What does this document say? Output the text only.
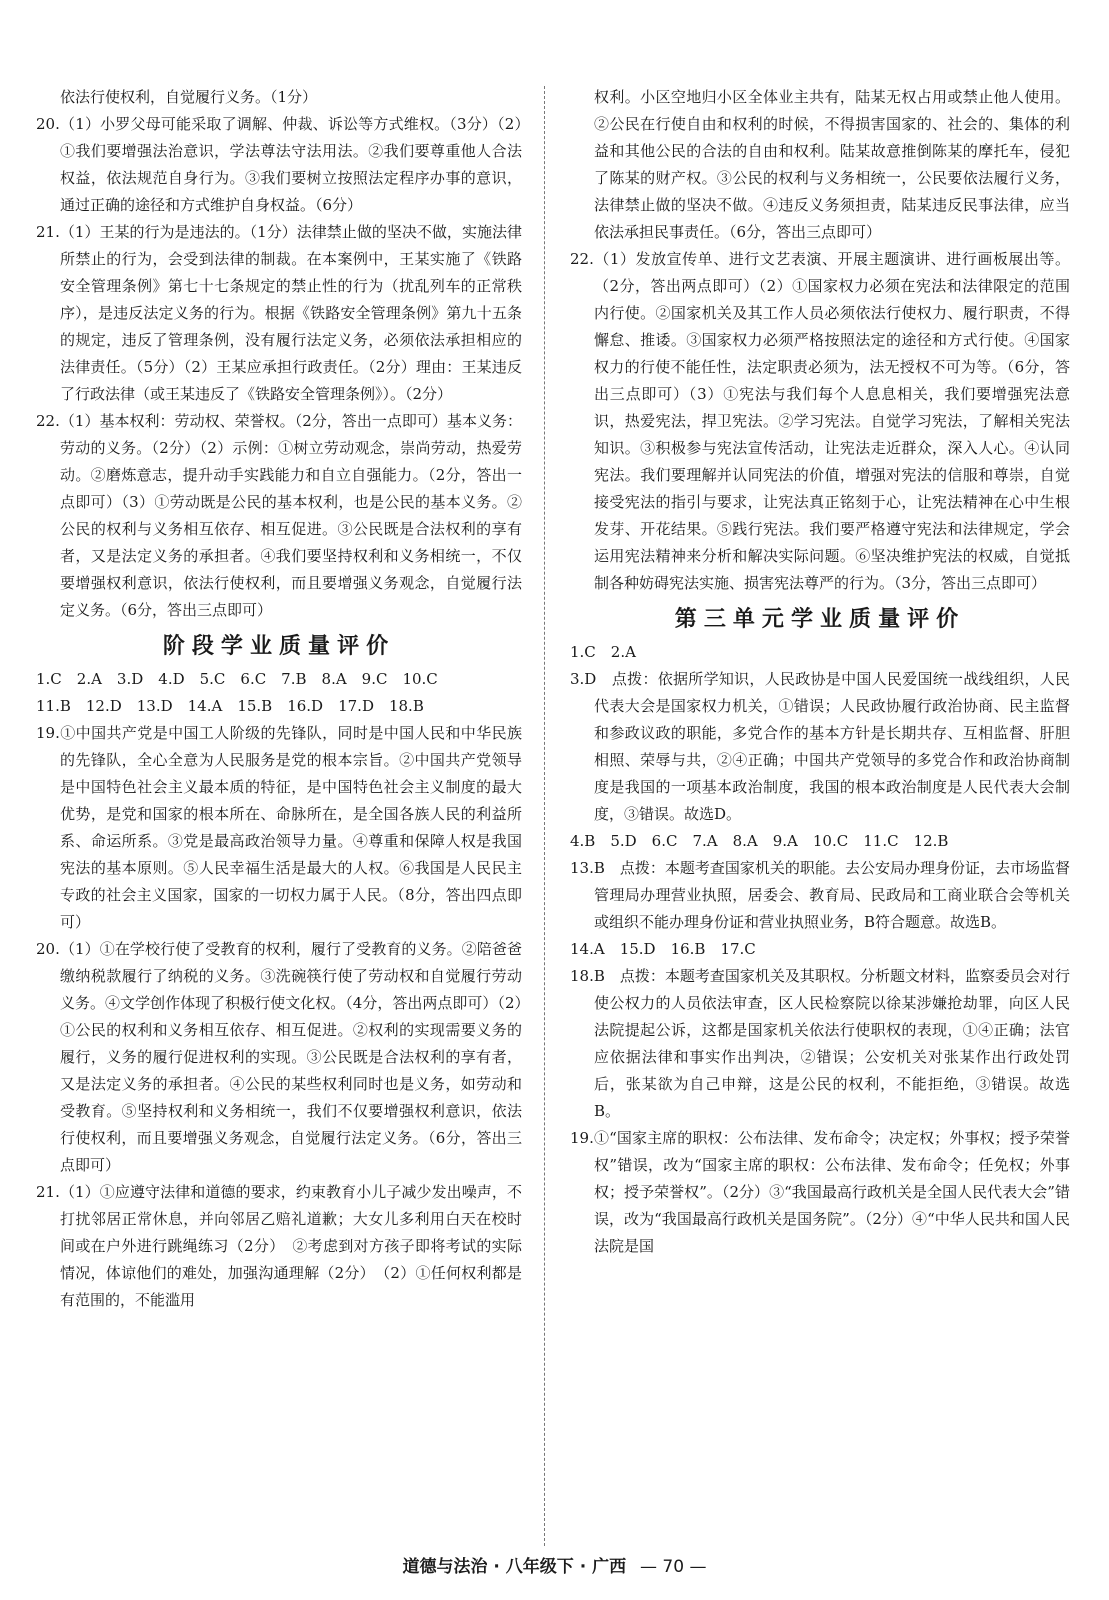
依法行使权利，自觉履行义务。（1分）

20.（1）小罗父母可能采取了调解、仲裁、诉讼等方式维权。（3分）（2）①我们要增强法治意识，学法尊法守法用法。②我们要尊重他人合法权益，依法规范自身行为。③我们要树立按照法定程序办事的意识，通过正确的途径和方式维护自身权益。（6分）

21.（1）王某的行为是违法的。（1分）法律禁止做的坚决不做，实施法律所禁止的行为，会受到法律的制裁。在本案例中，王某实施了《铁路安全管理条例》第七十七条规定的禁止性的行为（扰乱列车的正常秩序），是违反法定义务的行为。根据《铁路安全管理条例》第九十五条的规定，违反了管理条例，没有履行法定义务，必须依法承担相应的法律责任。（5分）（2）王某应承担行政责任。（2分）理由：王某违反了行政法律（或王某违反了《铁路安全管理条例》）。（2分）

22.（1）基本权利：劳动权、荣誉权。（2分，答出一点即可）基本义务：劳动的义务。（2分）（2）示例：①树立劳动观念，崇尚劳动，热爱劳动。②磨炼意志，提升动手实践能力和自立自强能力。（2分，答出一点即可）（3）①劳动既是公民的基本权利，也是公民的基本义务。②公民的权利与义务相互依存、相互促进。③公民既是合法权利的享有者，又是法定义务的承担者。④我们要坚持权利和义务相统一，不仅要增强权利意识，依法行使权利，而且要增强义务观念，自觉履行法定义务。（6分，答出三点即可）

阶段学业质量评价

1.C　2.A　3.D　4.D　5.C　6.C　7.B　8.A　9.C　10.C

11.B　12.D　13.D　14.A　15.B　16.D　17.D　18.B

19.①中国共产党是中国工人阶级的先锋队，同时是中国人民和中华民族的先锋队，全心全意为人民服务是党的根本宗旨。②中国共产党领导是中国特色社会主义最本质的特征，是中国特色社会主义制度的最大优势，是党和国家的根本所在、命脉所在，是全国各族人民的利益所系、命运所系。③党是最高政治领导力量。④尊重和保障人权是我国宪法的基本原则。⑤人民幸福生活是最大的人权。⑥我国是人民民主专政的社会主义国家，国家的一切权力属于人民。（8分，答出四点即可）

20.（1）①在学校行使了受教育的权利，履行了受教育的义务。②陪爸爸缴纳税款履行了纳税的义务。③洗碗筷行使了劳动权和自觉履行劳动义务。④文学创作体现了积极行使文化权。（4分，答出两点即可）（2）①公民的权利和义务相互依存、相互促进。②权利的实现需要义务的履行，义务的履行促进权利的实现。③公民既是合法权利的享有者，又是法定义务的承担者。④公民的某些权利同时也是义务，如劳动和受教育。⑤坚持权利和义务相统一，我们不仅要增强权利意识，依法行使权利，而且要增强义务观念，自觉履行法定义务。（6分，答出三点即可）

21.（1）①应遵守法律和道德的要求，约束教育小儿子减少发出噪声，不打扰邻居正常休息，并向邻居乙赔礼道歉；大女儿多利用白天在校时间或在户外进行跳绳练习（2分）　②考虑到对方孩子即将考试的实际情况，体谅他们的难处，加强沟通理解（2分）　（2）①任何权利都是有范围的，不能滥用

权利。小区空地归小区全体业主共有，陆某无权占用或禁止他人使用。②公民在行使自由和权利的时候，不得损害国家的、社会的、集体的利益和其他公民的合法的自由和权利。陆某故意推倒陈某的摩托车，侵犯了陈某的财产权。③公民的权利与义务相统一，公民要依法履行义务，法律禁止做的坚决不做。④违反义务须担责，陆某违反民事法律，应当依法承担民事责任。（6分，答出三点即可）

22.（1）发放宣传单、进行文艺表演、开展主题演讲、进行画板展出等。（2分，答出两点即可）（2）①国家权力必须在宪法和法律限定的范围内行使。②国家机关及其工作人员必须依法行使权力、履行职责，不得懈怠、推诿。③国家权力必须严格按照法定的途径和方式行使。④国家权力的行使不能任性，法定职责必须为，法无授权不可为等。（6分，答出三点即可）（3）①宪法与我们每个人息息相关，我们要增强宪法意识，热爱宪法，捍卫宪法。②学习宪法。自觉学习宪法，了解相关宪法知识。③积极参与宪法宣传活动，让宪法走近群众，深入人心。④认同宪法。我们要理解并认同宪法的价值，增强对宪法的信服和尊崇，自觉接受宪法的指引与要求，让宪法真正铭刻于心，让宪法精神在心中生根发芽、开花结果。⑤践行宪法。我们要严格遵守宪法和法律规定，学会运用宪法精神来分析和解决实际问题。⑥坚决维护宪法的权威，自觉抵制各种妨碍宪法实施、损害宪法尊严的行为。（3分，答出三点即可）

第三单元学业质量评价

1.C　2.A

3.D　点拨：依据所学知识，人民政协是中国人民爱国统一战线组织，人民代表大会是国家权力机关，①错误；人民政协履行政治协商、民主监督和参政议政的职能，多党合作的基本方针是长期共存、互相监督、肝胆相照、荣辱与共，②④正确；中国共产党领导的多党合作和政治协商制度是我国的一项基本政治制度，我国的根本政治制度是人民代表大会制度，③错误。故选D。

4.B　5.D　6.C　7.A　8.A　9.A　10.C　11.C　12.B

13.B　点拨：本题考查国家机关的职能。去公安局办理身份证，去市场监督管理局办理营业执照，居委会、教育局、民政局和工商业联合会等机关或组织不能办理身份证和营业执照业务，B符合题意。故选B。

14.A　15.D　16.B　17.C

18.B　点拨：本题考查国家机关及其职权。分析题文材料，监察委员会对行使公权力的人员依法审查，区人民检察院以徐某涉嫌抢劫罪，向区人民法院提起公诉，这都是国家机关依法行使职权的表现，①④正确；法官应依据法律和事实作出判决，②错误；公安机关对张某作出行政处罚后，张某欲为自己申辩，这是公民的权利，不能拒绝，③错误。故选B。

19.①“国家主席的职权：公布法律、发布命令；决定权；外事权；授予荣誉权”错误，改为“国家主席的职权：公布法律、发布命令；任免权；外事权；授予荣誉权”。（2分）③“我国最高行政机关是全国人民代表大会”错误，改为“我国最高行政机关是国务院”。（2分）④“中华人民共和国人民法院是国

道德与法治 · 八年级下 · 广西 — 70 —
